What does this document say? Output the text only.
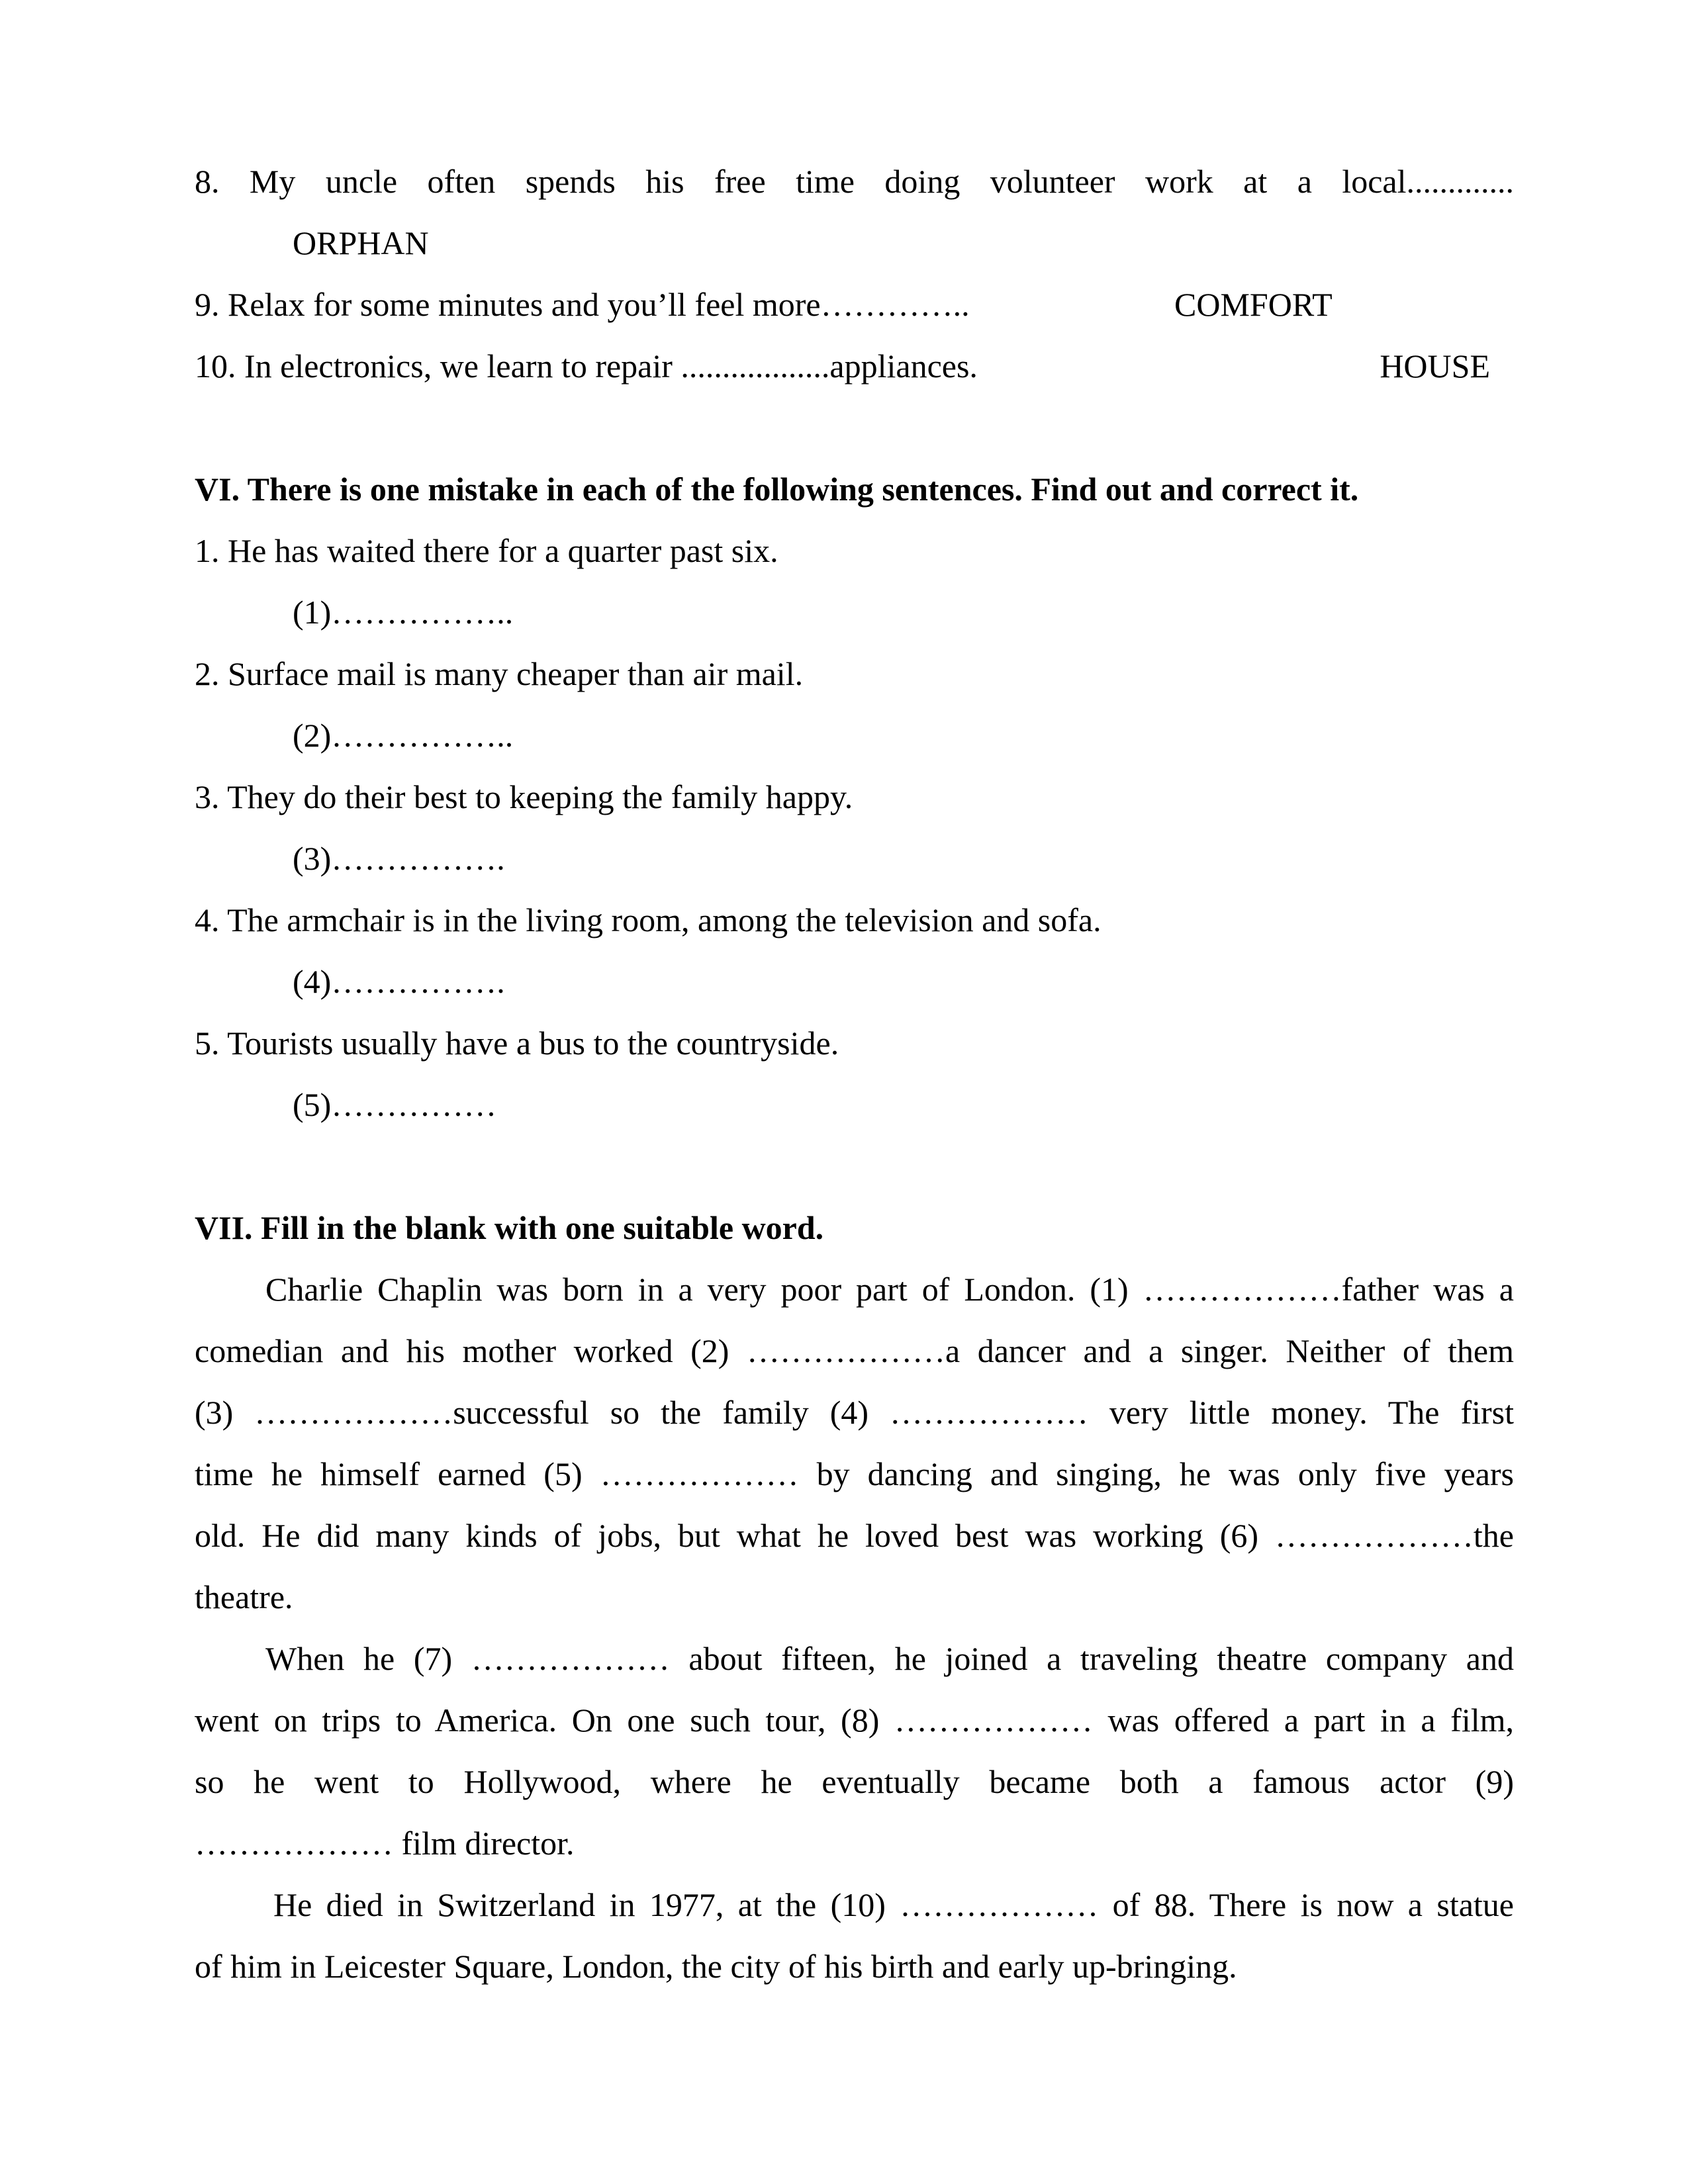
8. My uncle often spends his free time doing volunteer work at a local.............
ORPHAN
9. Relax for some minutes and you’ll feel more…………..	COMFORT
10. In electronics, we learn to repair ..................appliances.	HOUSE
VI. There is one mistake in each of the following sentences. Find out and correct it.
1. He has waited there for a quarter past six.
(1)……………..
2. Surface mail is many cheaper than air mail.
(2)……………..
3. They do their best to keeping the family happy.
(3)…………….
4. The armchair is in the living room, among the television and sofa.
(4)…………….
5. Tourists usually have a bus to the countryside.
(5)……………
VII. Fill in the blank with one suitable word.
Charlie Chaplin was born in a very poor part of London. (1) ………………father was a
comedian and his mother worked (2) ………………a dancer and a singer. Neither of them
(3) ………………successful so the family (4) ……………… very little money. The first
time he himself earned (5) ……………… by dancing and singing, he was only five years
old. He did many kinds of jobs, but what he loved best was working (6) ………………the
theatre.
When he (7) ……………… about fifteen, he joined a traveling theatre company and
went on trips to America. On one such tour, (8) ……………… was offered a part in a film,
so he went to Hollywood, where he eventually became both a famous actor (9)
……………… film director.
He died in Switzerland in 1977, at the (10) ……………… of 88. There is now a statue
of him in Leicester Square, London, the city of his birth and early up-bringing.
